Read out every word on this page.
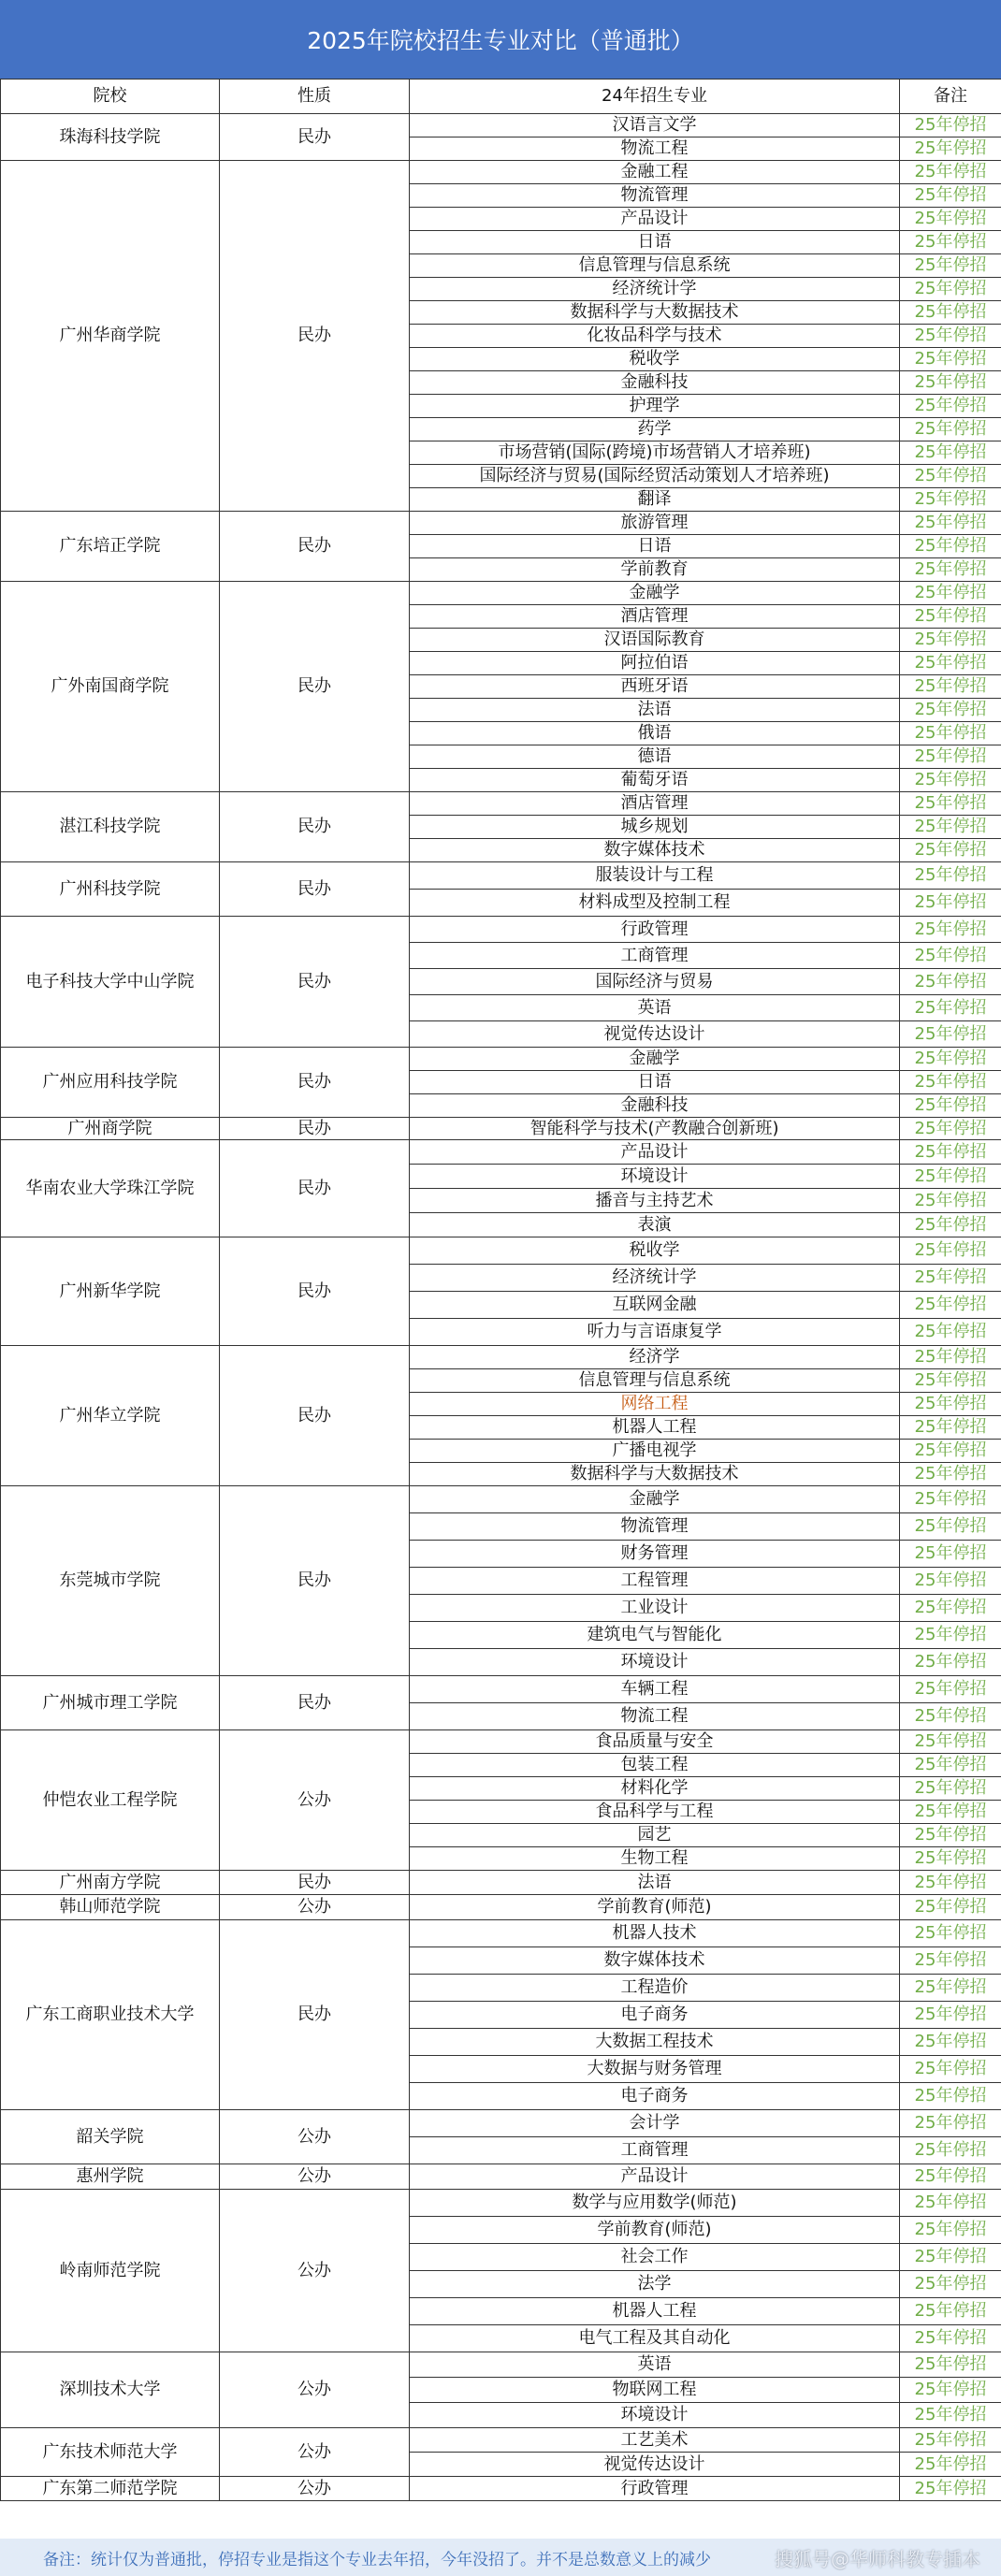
2025年院校招生专业对比（普通批）
院校	性质	24年招生专业	备注
珠海科技学院	民办	汉语言文学	25年停招
		物流工程	25年停招
广州华商学院	民办	金融工程	25年停招
		物流管理	25年停招
		产品设计	25年停招
		日语	25年停招
		信息管理与信息系统	25年停招
		经济统计学	25年停招
		数据科学与大数据技术	25年停招
		化妆品科学与技术	25年停招
		税收学	25年停招
		金融科技	25年停招
		护理学	25年停招
		药学	25年停招
		市场营销(国际(跨境)市场营销人才培养班)	25年停招
		国际经济与贸易(国际经贸活动策划人才培养班)	25年停招
		翻译	25年停招
广东培正学院	民办	旅游管理	25年停招
		日语	25年停招
		学前教育	25年停招
广外南国商学院	民办	金融学	25年停招
		酒店管理	25年停招
		汉语国际教育	25年停招
		阿拉伯语	25年停招
		西班牙语	25年停招
		法语	25年停招
		俄语	25年停招
		德语	25年停招
		葡萄牙语	25年停招
湛江科技学院	民办	酒店管理	25年停招
		城乡规划	25年停招
		数字媒体技术	25年停招
广州科技学院	民办	服装设计与工程	25年停招
		材料成型及控制工程	25年停招
电子科技大学中山学院	民办	行政管理	25年停招
		工商管理	25年停招
		国际经济与贸易	25年停招
		英语	25年停招
		视觉传达设计	25年停招
广州应用科技学院	民办	金融学	25年停招
		日语	25年停招
		金融科技	25年停招
广州商学院	民办	智能科学与技术(产教融合创新班)	25年停招
华南农业大学珠江学院	民办	产品设计	25年停招
		环境设计	25年停招
		播音与主持艺术	25年停招
		表演	25年停招
广州新华学院	民办	税收学	25年停招
		经济统计学	25年停招
		互联网金融	25年停招
		听力与言语康复学	25年停招
广州华立学院	民办	经济学	25年停招
		信息管理与信息系统	25年停招
		网络工程	25年停招
		机器人工程	25年停招
		广播电视学	25年停招
		数据科学与大数据技术	25年停招
东莞城市学院	民办	金融学	25年停招
		物流管理	25年停招
		财务管理	25年停招
		工程管理	25年停招
		工业设计	25年停招
		建筑电气与智能化	25年停招
		环境设计	25年停招
广州城市理工学院	民办	车辆工程	25年停招
		物流工程	25年停招
仲恺农业工程学院	公办	食品质量与安全	25年停招
		包装工程	25年停招
		材料化学	25年停招
		食品科学与工程	25年停招
		园艺	25年停招
		生物工程	25年停招
广州南方学院	民办	法语	25年停招
韩山师范学院	公办	学前教育(师范)	25年停招
广东工商职业技术大学	民办	机器人技术	25年停招
		数字媒体技术	25年停招
		工程造价	25年停招
		电子商务	25年停招
		大数据工程技术	25年停招
		大数据与财务管理	25年停招
		电子商务	25年停招
韶关学院	公办	会计学	25年停招
		工商管理	25年停招
惠州学院	公办	产品设计	25年停招
岭南师范学院	公办	数学与应用数学(师范)	25年停招
		学前教育(师范)	25年停招
		社会工作	25年停招
		法学	25年停招
		机器人工程	25年停招
		电气工程及其自动化	25年停招
深圳技术大学	公办	英语	25年停招
		物联网工程	25年停招
		环境设计	25年停招
广东技术师范大学	公办	工艺美术	25年停招
		视觉传达设计	25年停招
广东第二师范学院	公办	行政管理	25年停招
备注：统计仅为普通批，停招专业是指这个专业去年招，今年没招了。并不是总数意义上的减少	搜狐号@华师科教专插本
